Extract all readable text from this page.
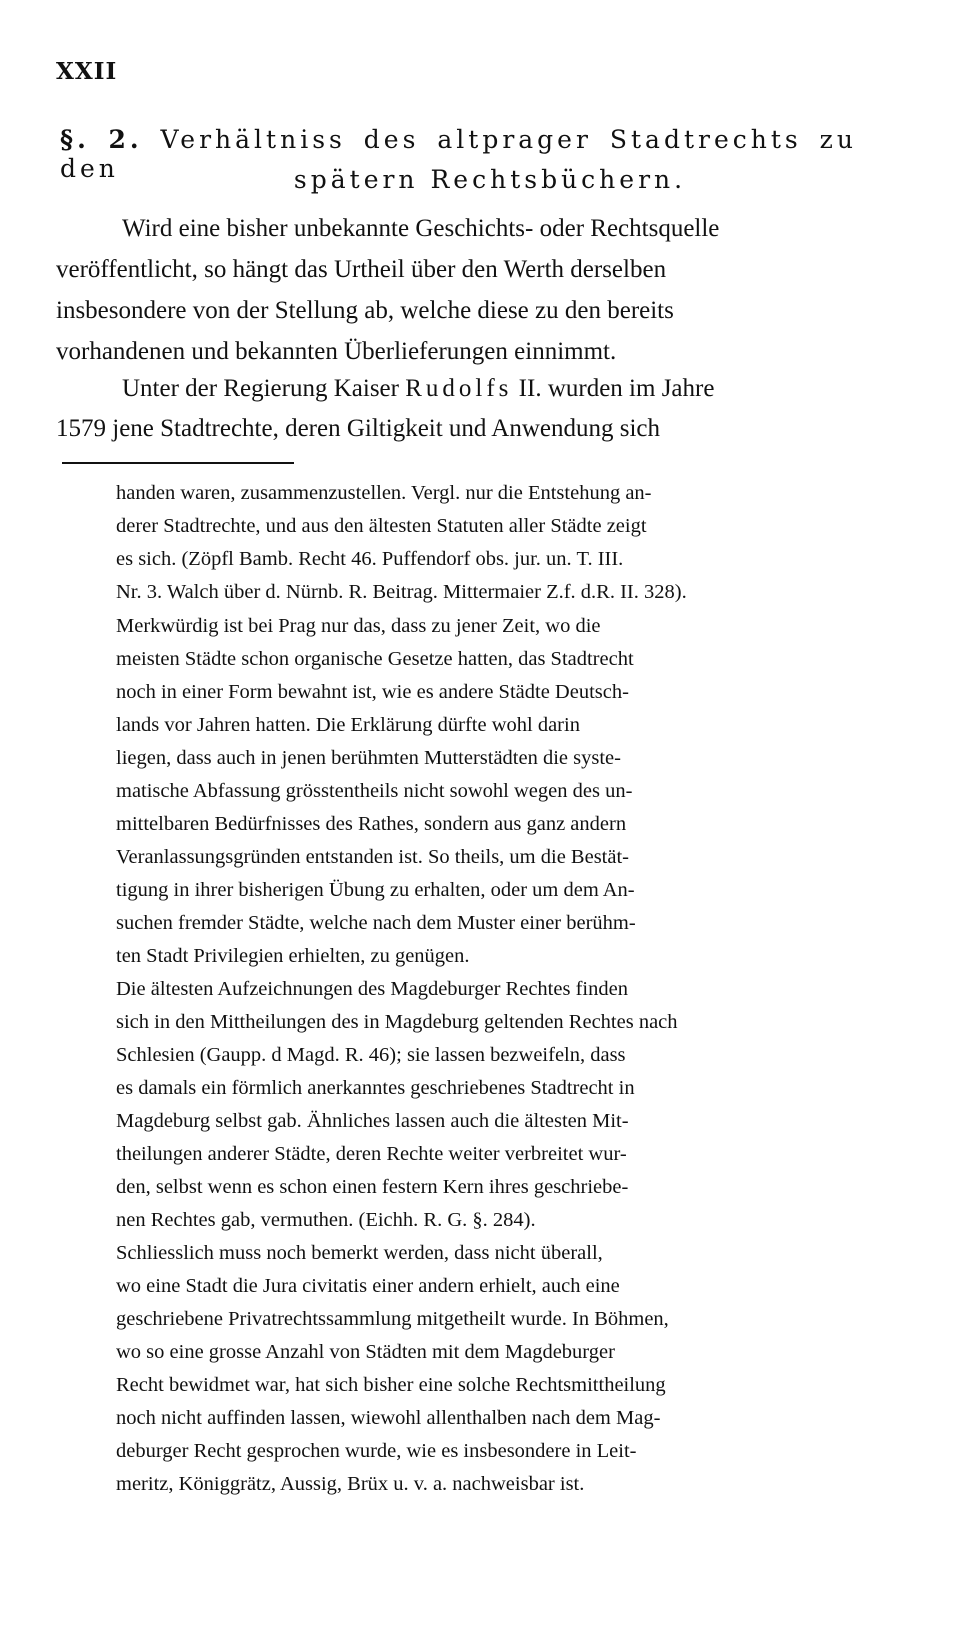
XXII
§. 2. Verhältniss des altprager Stadtrechts zu den	spätern Rechtsbüchern.
Wird eine bisher unbekannte Geschichts- oder Rechtsquelle
veröffentlicht, so hängt das Urtheil über den Werth derselben
insbesondere von der Stellung ab, welche diese zu den bereits
vorhandenen und bekannten Überlieferungen einnimmt.
Unter der Regierung Kaiser Rudolfs II. wurden im Jahre
1579 jene Stadtrechte, deren Giltigkeit und Anwendung sich
handen waren, zusammenzustellen. Vergl. nur die Entstehung an-
derer Stadtrechte, und aus den ältesten Statuten aller Städte zeigt
es sich. (Zöpfl Bamb. Recht 46. Puffendorf obs. jur. un. T. III.
Nr. 3. Walch über d. Nürnb. R. Beitrag. Mittermaier Z.f. d.R. II. 328).
Merkwürdig ist bei Prag nur das, dass zu jener Zeit, wo die
meisten Städte schon organische Gesetze hatten, das Stadtrecht
noch in einer Form bewahnt ist, wie es andere Städte Deutsch-
lands vor Jahren hatten. Die Erklärung dürfte wohl darin
liegen, dass auch in jenen berühmten Mutterstädten die syste-
matische Abfassung grösstentheils nicht sowohl wegen des un-
mittelbaren Bedürfnisses des Rathes, sondern aus ganz andern
Veranlassungsgründen entstanden ist. So theils, um die Bestät-
tigung in ihrer bisherigen Übung zu erhalten, oder um dem An-
suchen fremder Städte, welche nach dem Muster einer berühm-
ten Stadt Privilegien erhielten, zu genügen.
Die ältesten Aufzeichnungen des Magdeburger Rechtes finden
sich in den Mittheilungen des in Magdeburg geltenden Rechtes nach
Schlesien (Gaupp. d Magd. R. 46); sie lassen bezweifeln, dass
es damals ein förmlich anerkanntes geschriebenes Stadtrecht in
Magdeburg selbst gab. Ähnliches lassen auch die ältesten Mit-
theilungen anderer Städte, deren Rechte weiter verbreitet wur-
den, selbst wenn es schon einen festern Kern ihres geschriebe-
nen Rechtes gab, vermuthen. (Eichh. R. G. §. 284).
Schliesslich muss noch bemerkt werden, dass nicht überall,
wo eine Stadt die Jura civitatis einer andern erhielt, auch eine
geschriebene Privatrechtssammlung mitgetheilt wurde. In Böhmen,
wo so eine grosse Anzahl von Städten mit dem Magdeburger
Recht bewidmet war, hat sich bisher eine solche Rechtsmittheilung
noch nicht auffinden lassen, wiewohl allenthalben nach dem Mag-
deburger Recht gesprochen wurde, wie es insbesondere in Leit-
meritz, Königgrätz, Aussig, Brüx u. v. a. nachweisbar ist.
